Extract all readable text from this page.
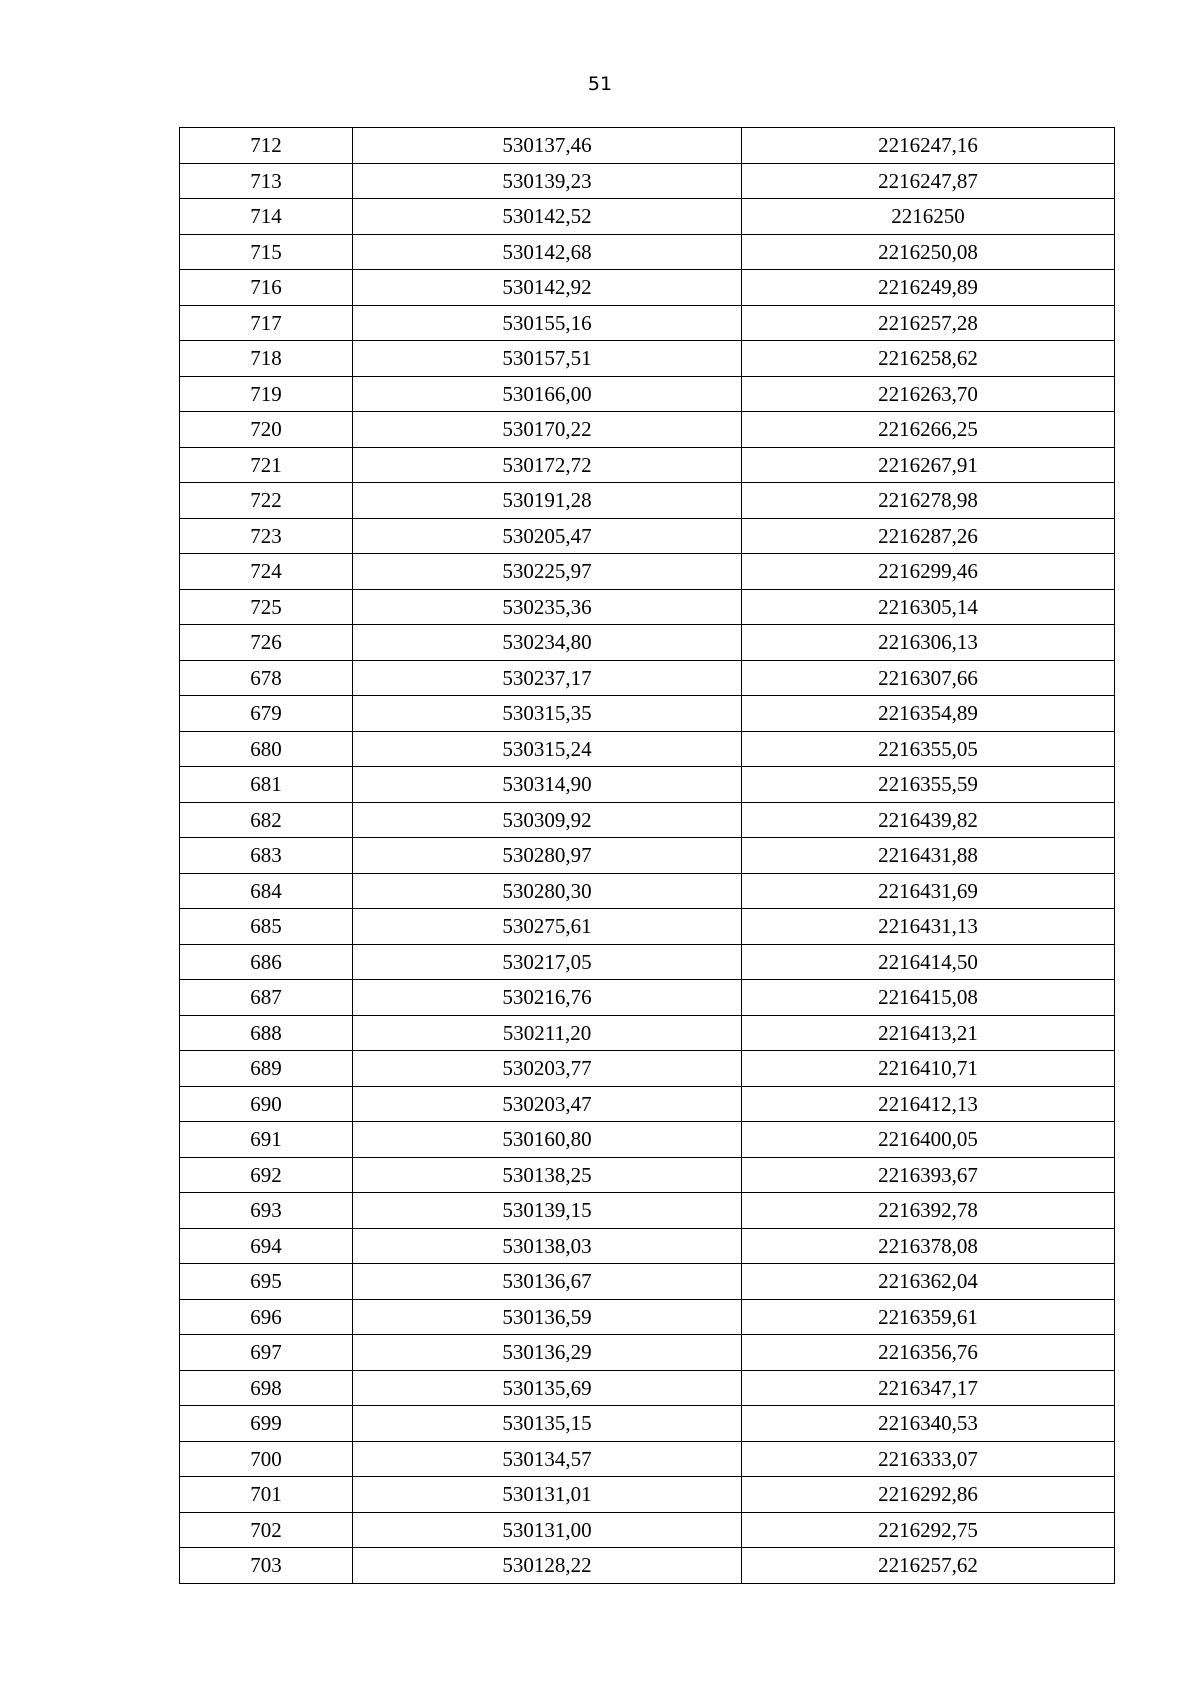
51
712	530137,46	2216247,16
713	530139,23	2216247,87
714	530142,52	2216250
715	530142,68	2216250,08
716	530142,92	2216249,89
717	530155,16	2216257,28
718	530157,51	2216258,62
719	530166,00	2216263,70
720	530170,22	2216266,25
721	530172,72	2216267,91
722	530191,28	2216278,98
723	530205,47	2216287,26
724	530225,97	2216299,46
725	530235,36	2216305,14
726	530234,80	2216306,13
678	530237,17	2216307,66
679	530315,35	2216354,89
680	530315,24	2216355,05
681	530314,90	2216355,59
682	530309,92	2216439,82
683	530280,97	2216431,88
684	530280,30	2216431,69
685	530275,61	2216431,13
686	530217,05	2216414,50
687	530216,76	2216415,08
688	530211,20	2216413,21
689	530203,77	2216410,71
690	530203,47	2216412,13
691	530160,80	2216400,05
692	530138,25	2216393,67
693	530139,15	2216392,78
694	530138,03	2216378,08
695	530136,67	2216362,04
696	530136,59	2216359,61
697	530136,29	2216356,76
698	530135,69	2216347,17
699	530135,15	2216340,53
700	530134,57	2216333,07
701	530131,01	2216292,86
702	530131,00	2216292,75
703	530128,22	2216257,62
